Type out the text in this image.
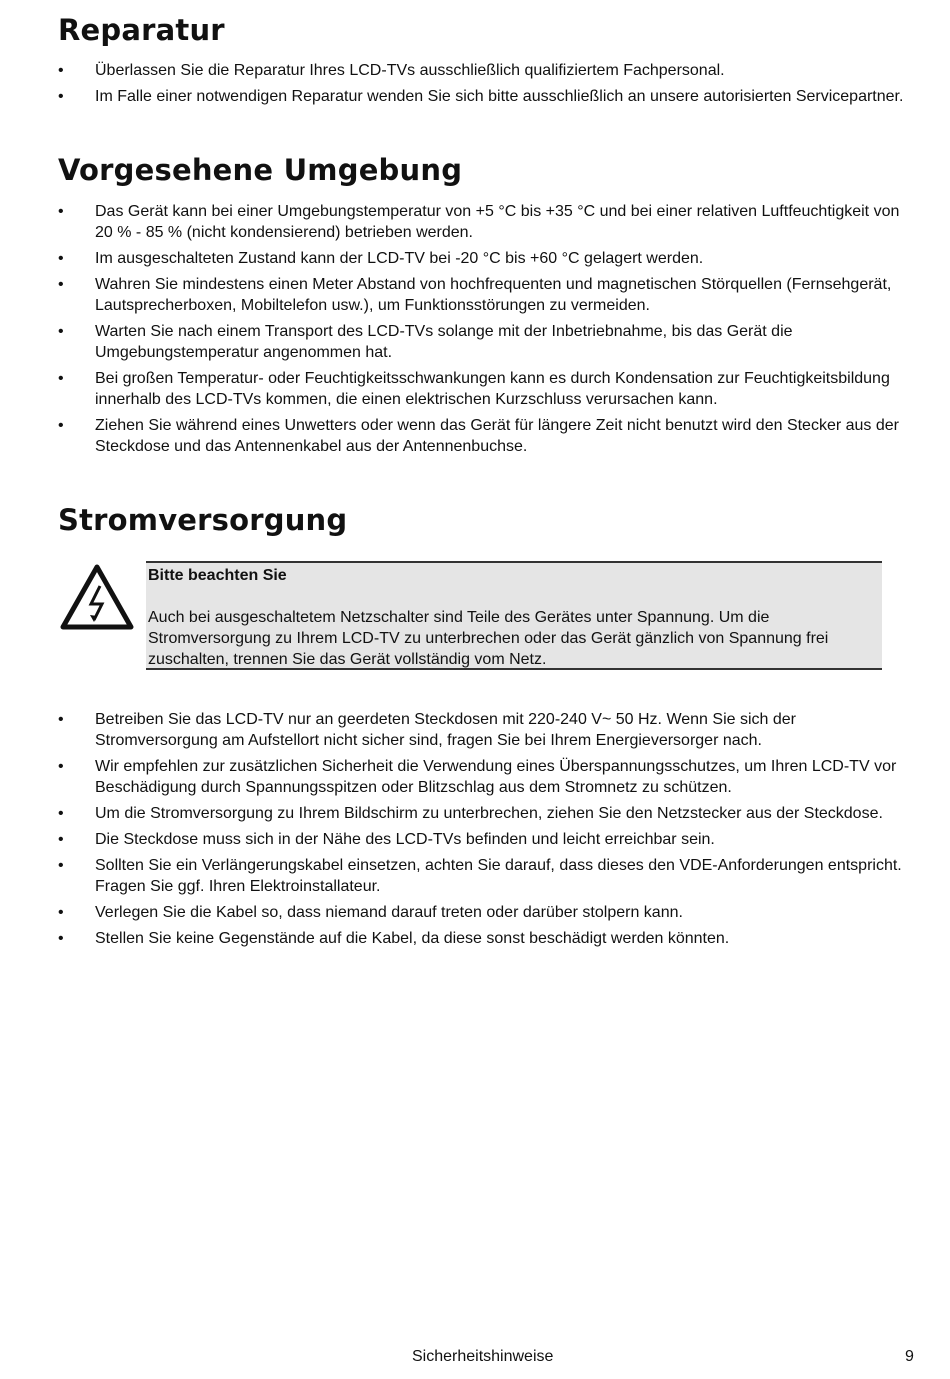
Reparatur
• Überlassen Sie die Reparatur Ihres LCD-TVs ausschließlich qualifiziertem Fachpersonal.
• Im Falle einer notwendigen Reparatur wenden Sie sich bitte ausschließlich an unsere autorisierten Servicepartner.
Vorgesehene Umgebung
• Das Gerät kann bei einer Umgebungstemperatur von +5 °C bis +35 °C und bei einer relativen Luftfeuchtigkeit von 20 % - 85 % (nicht kondensierend) betrieben werden.
• Im ausgeschalteten Zustand kann der LCD-TV bei -20 °C bis +60 °C gelagert werden.
• Wahren Sie mindestens einen Meter Abstand von hochfrequenten und magnetischen Störquellen (Fernsehgerät, Lautsprecherboxen, Mobiltelefon usw.), um Funktionsstörungen zu vermeiden.
• Warten Sie nach einem Transport des LCD-TVs solange mit der Inbetriebnahme, bis das Gerät die Umgebungstemperatur angenommen hat.
• Bei großen Temperatur- oder Feuchtigkeitsschwankungen kann es durch Kondensation zur Feuchtigkeitsbildung innerhalb des LCD-TVs kommen, die einen elektrischen Kurzschluss verursachen kann.
• Ziehen Sie während eines Unwetters oder wenn das Gerät für längere Zeit nicht benutzt wird den Stecker aus der Steckdose und das Antennenkabel aus der Antennenbuchse.
Stromversorgung
Bitte beachten Sie
Auch bei ausgeschaltetem Netzschalter sind Teile des Gerätes unter Spannung. Um die Stromversorgung zu Ihrem LCD-TV zu unterbrechen oder das Gerät gänzlich von Spannung frei zuschalten, trennen Sie das Gerät vollständig vom Netz.
• Betreiben Sie das LCD-TV nur an geerdeten Steckdosen mit 220-240 V~ 50 Hz. Wenn Sie sich der Stromversorgung am Aufstellort nicht sicher sind, fragen Sie bei Ihrem Energieversorger nach.
• Wir empfehlen zur zusätzlichen Sicherheit die Verwendung eines Überspannungsschutzes, um Ihren LCD-TV vor Beschädigung durch Spannungsspitzen oder Blitzschlag aus dem Stromnetz zu schützen.
• Um die Stromversorgung zu Ihrem Bildschirm zu unterbrechen, ziehen Sie den Netzstecker aus der Steckdose.
• Die Steckdose muss sich in der Nähe des LCD-TVs befinden und leicht erreichbar sein.
• Sollten Sie ein Verlängerungskabel einsetzen, achten Sie darauf, dass dieses den VDE-Anforderungen entspricht. Fragen Sie ggf. Ihren Elektroinstallateur.
• Verlegen Sie die Kabel so, dass niemand darauf treten oder darüber stolpern kann.
• Stellen Sie keine Gegenstände auf die Kabel, da diese sonst beschädigt werden könnten.
Sicherheitshinweise	9
